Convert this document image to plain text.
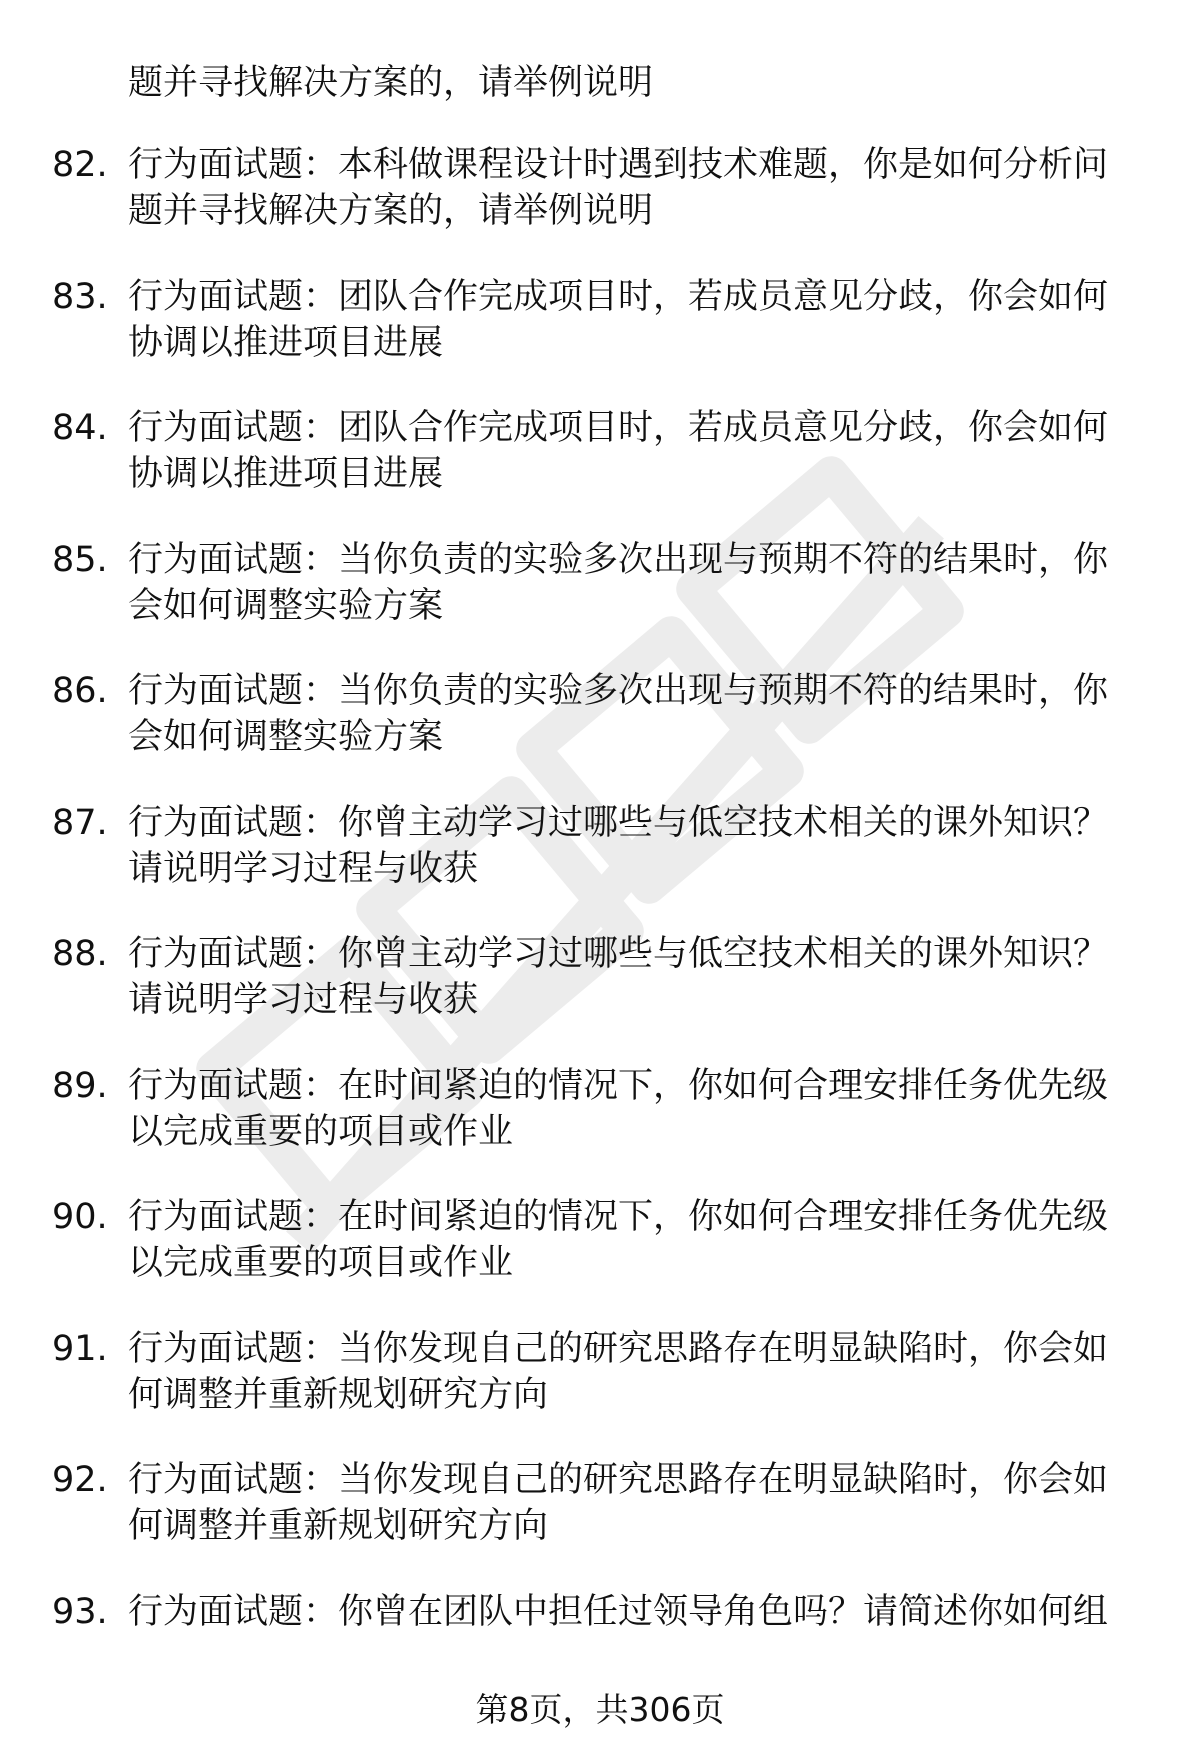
题并寻找解决方案的，请举例说明
82. 行为面试题：本科做课程设计时遇到技术难题，你是如何分析问
题并寻找解决方案的，请举例说明
83. 行为面试题：团队合作完成项目时，若成员意见分歧，你会如何
协调以推进项目进展
84. 行为面试题：团队合作完成项目时，若成员意见分歧，你会如何
协调以推进项目进展
85. 行为面试题：当你负责的实验多次出现与预期不符的结果时，你
会如何调整实验方案
86. 行为面试题：当你负责的实验多次出现与预期不符的结果时，你
会如何调整实验方案
87. 行为面试题：你曾主动学习过哪些与低空技术相关的课外知识？
请说明学习过程与收获
88. 行为面试题：你曾主动学习过哪些与低空技术相关的课外知识？
请说明学习过程与收获
89. 行为面试题：在时间紧迫的情况下，你如何合理安排任务优先级
以完成重要的项目或作业
90. 行为面试题：在时间紧迫的情况下，你如何合理安排任务优先级
以完成重要的项目或作业
91. 行为面试题：当你发现自己的研究思路存在明显缺陷时，你会如
何调整并重新规划研究方向
92. 行为面试题：当你发现自己的研究思路存在明显缺陷时，你会如
何调整并重新规划研究方向
93. 行为面试题：你曾在团队中担任过领导角色吗？请简述你如何组
第8页，共306页
